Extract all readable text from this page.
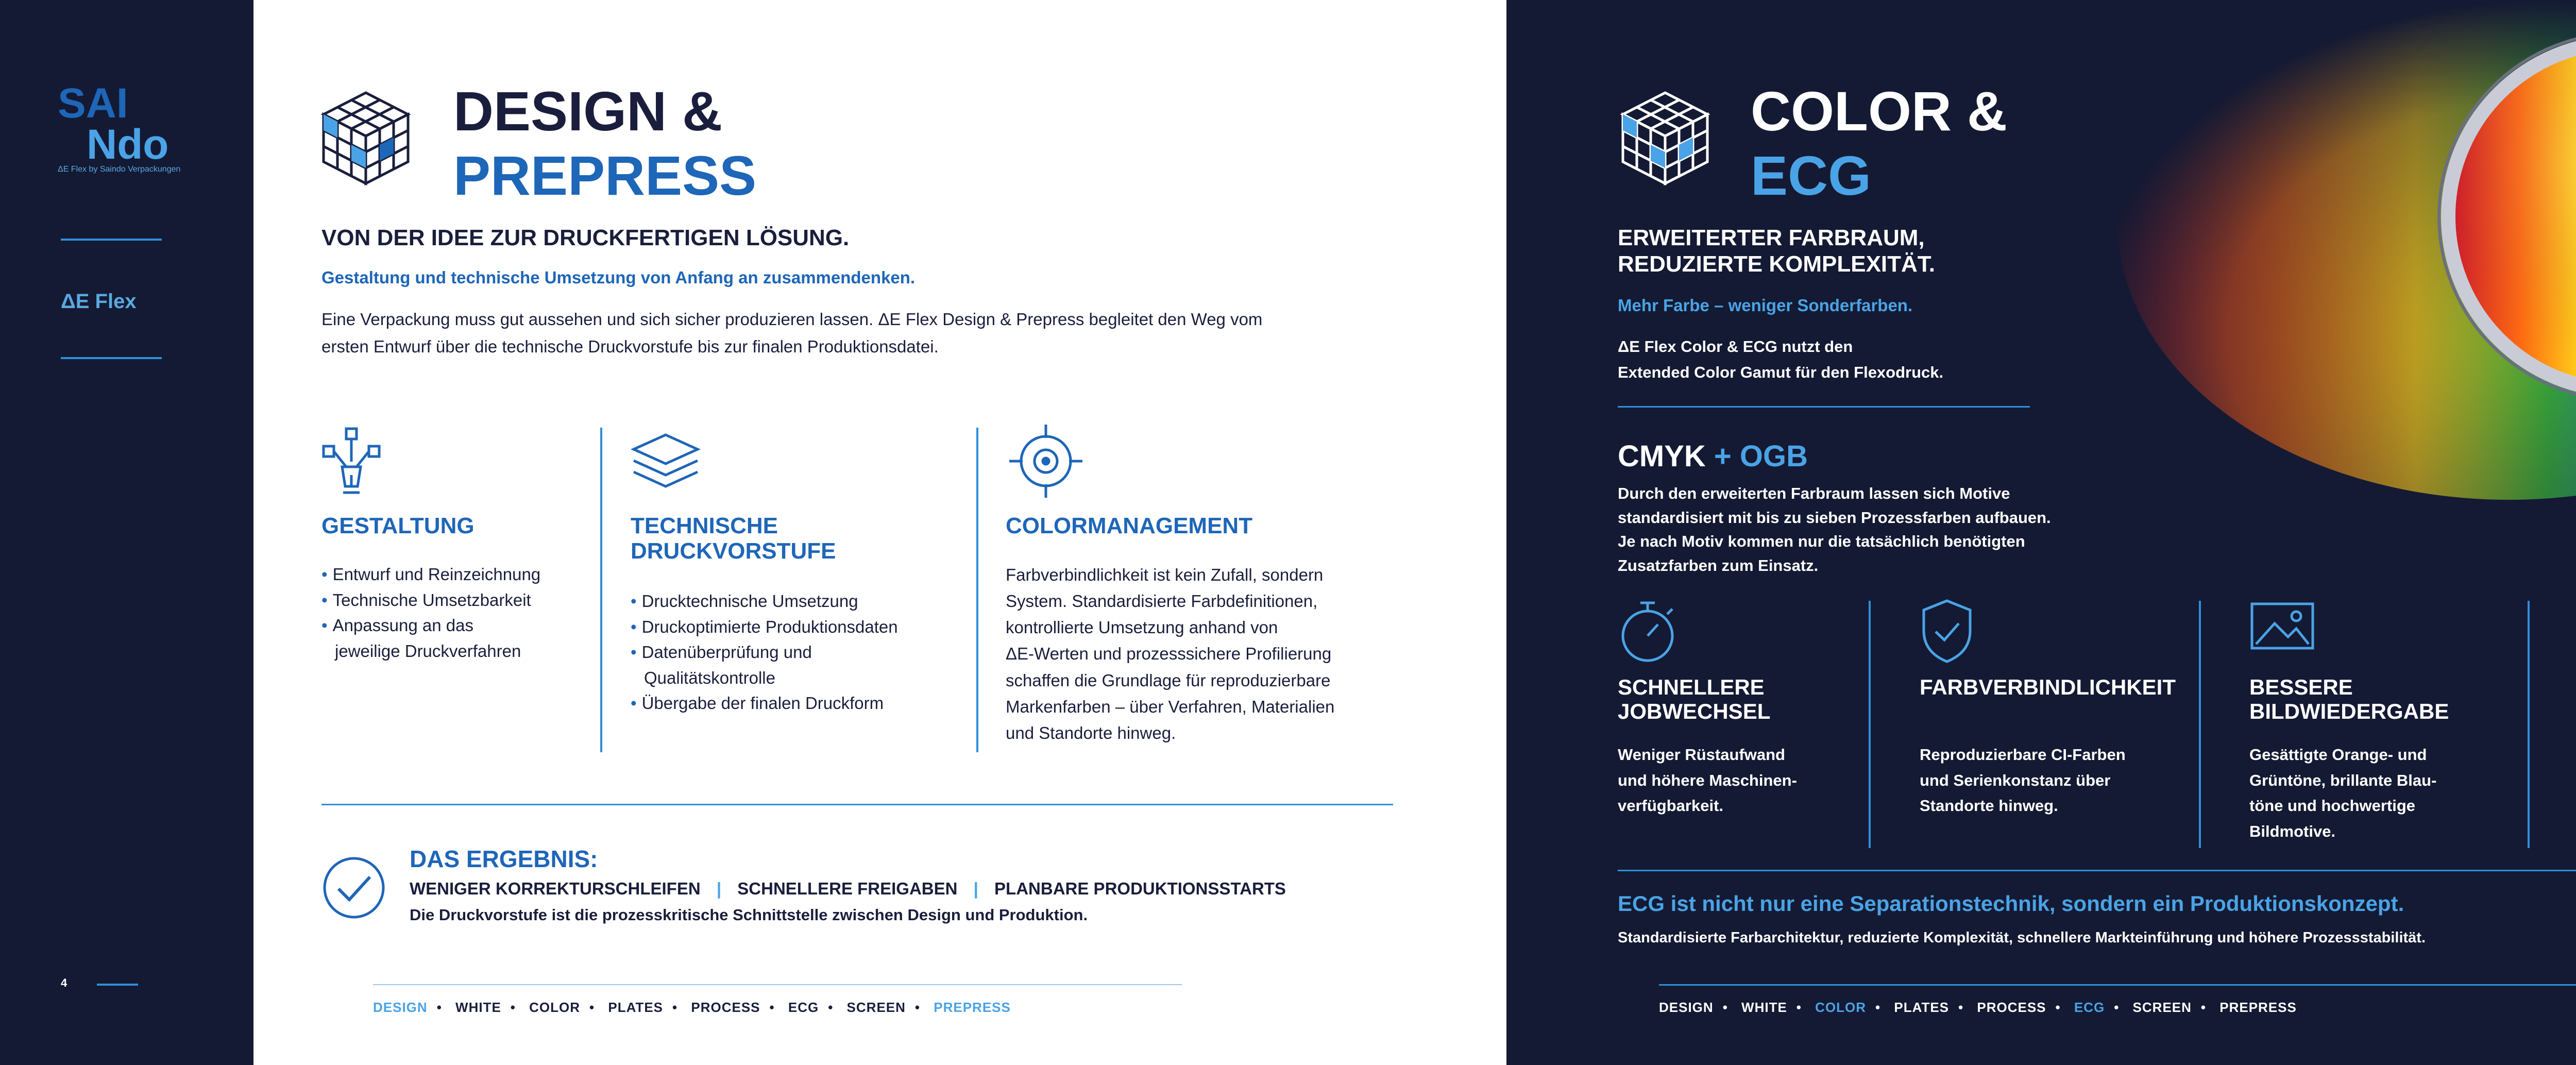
SAI
Ndo
ΔE Flex by Saindo Verpackungen
ΔE Flex
4
DESIGN &
PREPRESS
VON DER IDEE ZUR DRUCKFERTIGEN LÖSUNG.
Gestaltung und technische Umsetzung von Anfang an zusammendenken.
Eine Verpackung muss gut aussehen und sich sicher produzieren lassen. ΔE Flex Design & Prepress begleitet den Weg vom
ersten Entwurf über die technische Druckvorstufe bis zur finalen Produktionsdatei.
GESTALTUNG
• Entwurf und Reinzeichnung
• Technische Umsetzbarkeit
• Anpassung an das
jeweilige Druckverfahren
TECHNISCHE
DRUCKVORSTUFE
• Drucktechnische Umsetzung
• Druckoptimierte Produktionsdaten
• Datenüberprüfung und
Qualitätskontrolle
• Übergabe der finalen Druckform
COLORMANAGEMENT
Farbverbindlichkeit ist kein Zufall, sondern
System. Standardisierte Farbdefinitionen,
kontrollierte Umsetzung anhand von
ΔE-Werten und prozesssichere Profilierung
schaffen die Grundlage für reproduzierbare
Markenfarben – über Verfahren, Materialien
und Standorte hinweg.
DAS ERGEBNIS:
WENIGER KORREKTURSCHLEIFEN | SCHNELLERE FREIGABEN | PLANBARE PRODUKTIONSSTARTS
Die Druckvorstufe ist die prozesskritische Schnittstelle zwischen Design und Produktion.
DESIGN • WHITE • COLOR • PLATES • PROCESS • ECG • SCREEN • PREPRESS
COLOR &
ECG
ERWEITERTER FARBRAUM,
REDUZIERTE KOMPLEXITÄT.
Mehr Farbe – weniger Sonderfarben.
ΔE Flex Color & ECG nutzt den
Extended Color Gamut für den Flexodruck.
CMYK + OGB
Durch den erweiterten Farbraum lassen sich Motive
standardisiert mit bis zu sieben Prozessfarben aufbauen.
Je nach Motiv kommen nur die tatsächlich benötigten
Zusatzfarben zum Einsatz.
SCHNELLERE
JOBWECHSEL
Weniger Rüstaufwand
und höhere Maschinen-
verfügbarkeit.
FARBVERBINDLICHKEIT
Reproduzierbare CI-Farben
und Serienkonstanz über
Standorte hinweg.
BESSERE
BILDWIEDERGABE
Gesättigte Orange- und
Grüntöne, brillante Blau-
töne und hochwertige
Bildmotive.
ECG ist nicht nur eine Separationstechnik, sondern ein Produktionskonzept.
Standardisierte Farbarchitektur, reduzierte Komplexität, schnellere Markteinführung und höhere Prozessstabilität.
DESIGN • WHITE • COLOR • PLATES • PROCESS • ECG • SCREEN • PREPRESS
